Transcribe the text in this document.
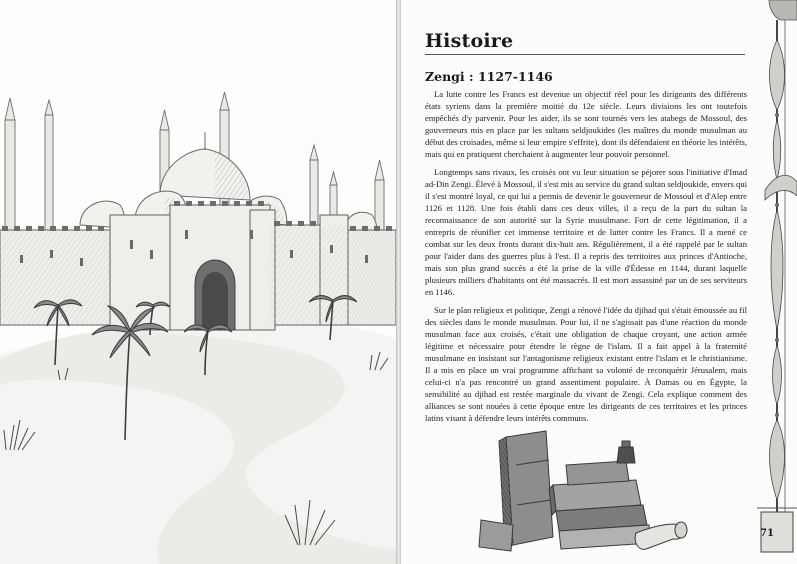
Histoire
Zengi : 1127-1146

La lutte contre les Francs est devenue un objectif réel pour les dirigeants des différents états syriens dans la première moitié du 12e siècle. Leurs divisions les ont toutefois empêchés d'y parvenir. Pour les aider, ils se sont tournés vers les atabegs de Mossoul, des gouverneurs mis en place par les sultans seldjoukides (les maîtres du monde musulman au début des croisades, même si leur empire s'effrite), dont ils défendaient en théorie les intérêts, mais qui en pratiquent cherchaient à augmenter leur pouvoir personnel.

Longtemps sans rivaux, les croisés ont vu leur situation se péjorer sous l'initiative d'Imad ad-Din Zengi. Élevé à Mossoul, il s'est mis au service du grand sultan seldjoukide, envers qui il s'est montré loyal, ce qui lui a permis de devenir le gouverneur de Mossoul et d'Alep entre 1126 et 1128. Une fois établi dans ces deux villes, il a reçu de la part du sultan la reconnaissance de son autorité sur la Syrie musulmane. Fort de cette légitimation, il a entrepris de réunifier cet immense territoire et de lutter contre les Francs. Il a mené ce combat sur les deux fronts durant dix-huit ans. Régulièrement, il a été rappelé par le sultan pour l'aider dans des guerres plus à l'est. Il a repris des territoires aux princes d'Antioche, mais son plus grand succès a été la prise de la ville d'Édesse en 1144, durant laquelle plusieurs milliers d'habitants ont été massacrés. Il est mort assassiné par un de ses serviteurs en 1146.

Sur le plan religieux et politique, Zengi a rénové l'idée du djihad qui s'était émoussée au fil des siècles dans le monde musulman. Pour lui, il ne s'agissait pas d'une réaction du monde musulman face aux croisés, c'était une obligation de chaque croyant, une action armée légitime et nécessaire pour étendre le règne de l'islam. Il a fait appel à la fraternité musulmane en insistant sur l'antagonisme religieux existant entre l'islam et le christianisme. Il a mis en place un vrai programme affichant sa volonté de reconquérir Jérusalem, mais celui-ci n'a pas rencontré un grand assentiment populaire. À Damas ou en Égypte, la sensibilité au djihad est restée marginale du vivant de Zengi. Cela explique comment des alliances se sont nouées à cette époque entre les dirigeants de ces territoires et les princes latins visant à défendre leurs intérêts communs.

71
